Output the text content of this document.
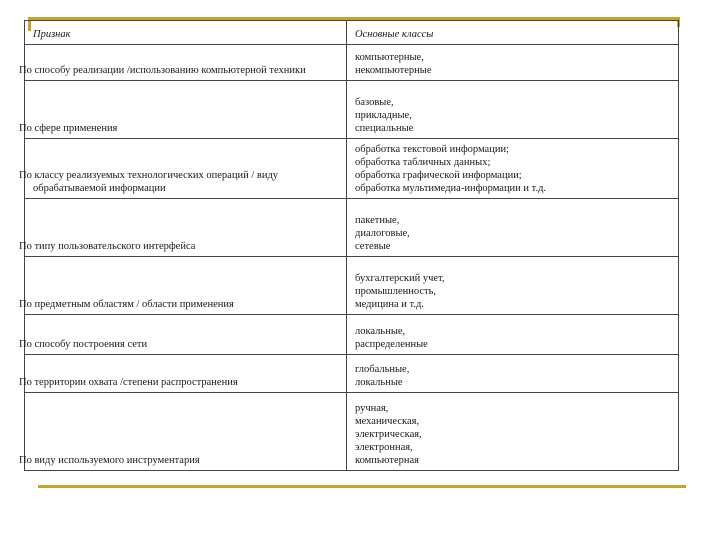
Признак	Основные классы
По способу реализации /использованию компьютерной техники	компьютерные,
некомпьютерные

По сфере применения	базовые,
прикладные,
специальные

По классу реализуемых технологических операций / виду обрабатываемой информации	обработка текстовой информации;
обработка табличных данных;
обработка графической информации;
обработка мультимедиа-информации и т.д.

По типу пользовательского интерфейса	пакетные,
диалоговые,
сетевые

По предметным областям / области применения	бухгалтерский учет,
промышленность,
медицина и т.д.

По способу построения сети	локальные,
распределенные

По территории охвата /степени распространения	глобальные,
локальные

По виду используемого инструментария	ручная,
механическая,
электрическая,
электронная,
компьютерная
